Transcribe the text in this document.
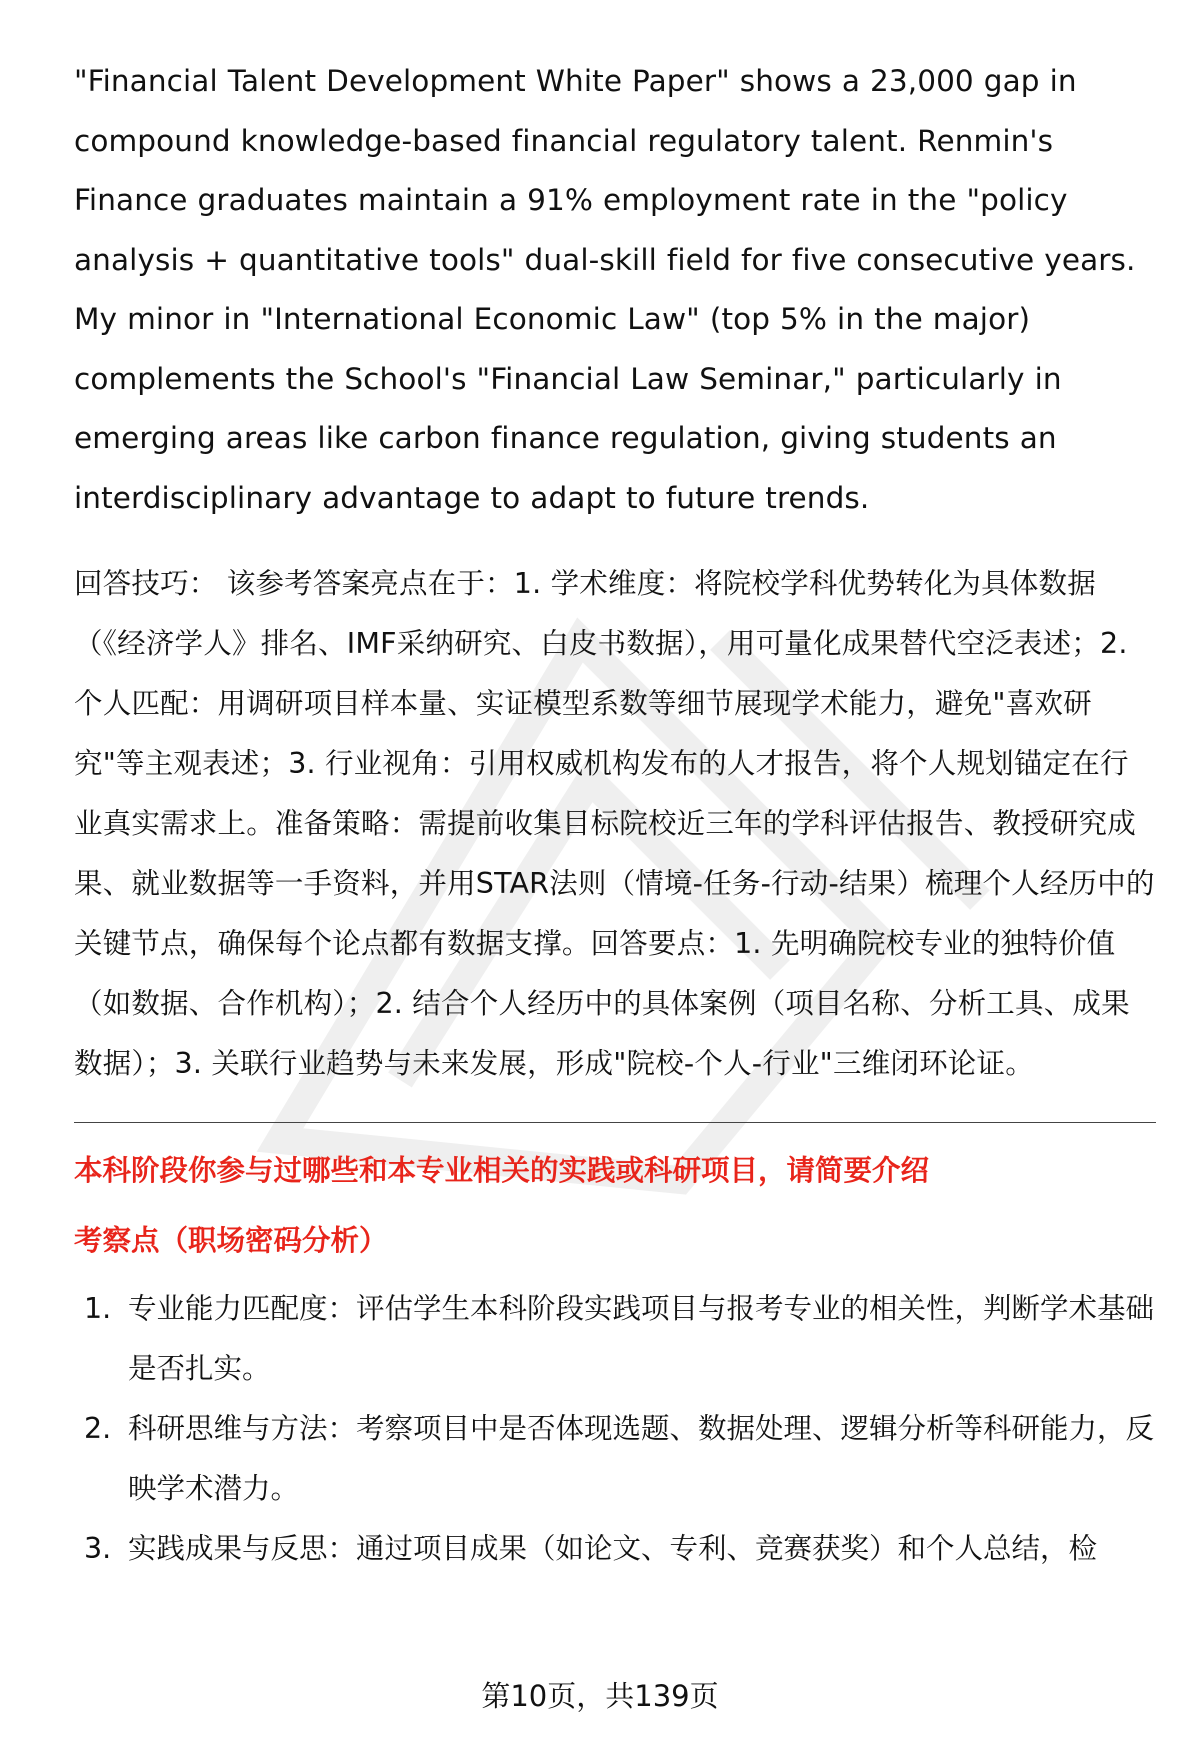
"Financial Talent Development White Paper" shows a 23,000 gap in compound knowledge-based financial regulatory talent. Renmin's Finance graduates maintain a 91% employment rate in the "policy analysis + quantitative tools" dual-skill field for five consecutive years. My minor in "International Economic Law" (top 5% in the major) complements the School's "Financial Law Seminar," particularly in emerging areas like carbon finance regulation, giving students an interdisciplinary advantage to adapt to future trends.

回答技巧： 该参考答案亮点在于：1. 学术维度：将院校学科优势转化为具体数据（《经济学人》排名、IMF采纳研究、白皮书数据），用可量化成果替代空泛表述；2. 个人匹配：用调研项目样本量、实证模型系数等细节展现学术能力，避免"喜欢研究"等主观表述；3. 行业视角：引用权威机构发布的人才报告，将个人规划锚定在行业真实需求上。准备策略：需提前收集目标院校近三年的学科评估报告、教授研究成果、就业数据等一手资料，并用STAR法则（情境-任务-行动-结果）梳理个人经历中的关键节点，确保每个论点都有数据支撑。回答要点：1. 先明确院校专业的独特价值（如数据、合作机构）；2. 结合个人经历中的具体案例（项目名称、分析工具、成果数据）；3. 关联行业趋势与未来发展，形成"院校-个人-行业"三维闭环论证。

本科阶段你参与过哪些和本专业相关的实践或科研项目，请简要介绍
考察点（职场密码分析）
1. 专业能力匹配度：评估学生本科阶段实践项目与报考专业的相关性，判断学术基础是否扎实。
2. 科研思维与方法：考察项目中是否体现选题、数据处理、逻辑分析等科研能力，反映学术潜力。
3. 实践成果与反思：通过项目成果（如论文、专利、竞赛获奖）和个人总结，检
第10页，共139页
